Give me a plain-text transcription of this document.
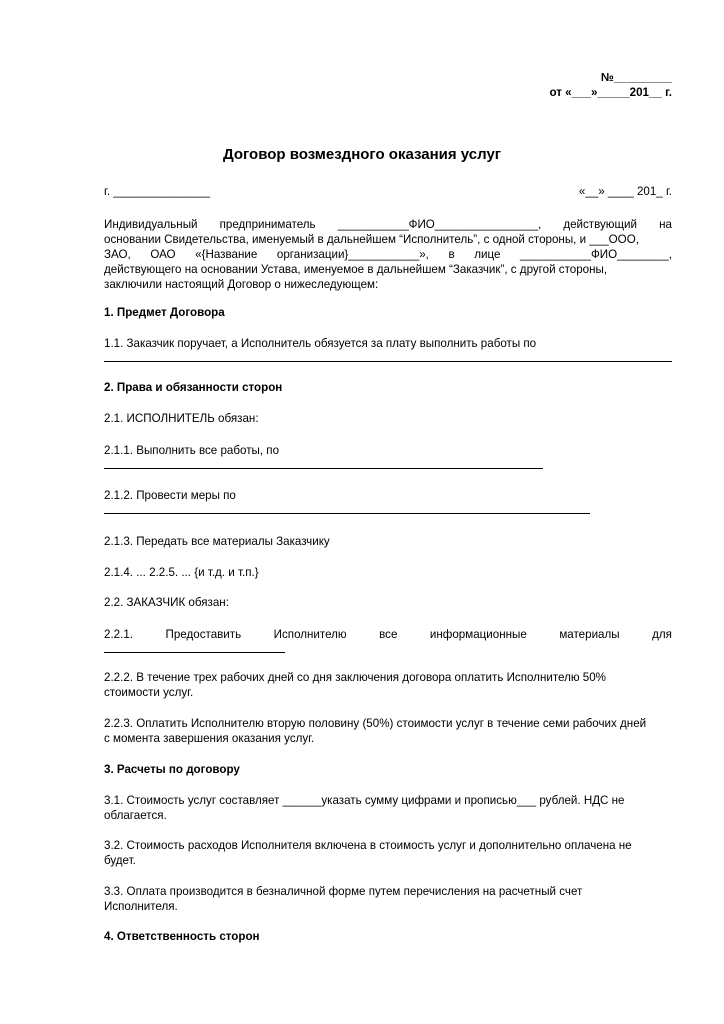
№_________
от «___»_____201__ г.
Договор возмездного оказания услуг
г. _______________	«__» ____ 201_ г.
Индивидуальный предприниматель ___________ФИО________________, действующий на
основании Свидетельства, именуемый в дальнейшем “Исполнитель”, с одной стороны, и ___ООО,
ЗАО, ОАО «{Название организации}___________», в лице ___________ФИО________,
действующего на основании Устава, именуемое в дальнейшем “Заказчик”, с другой стороны,
заключили настоящий Договор о нижеследующем:
1. Предмет Договора
1.1. Заказчик поручает, а Исполнитель обязуется за плату выполнить работы по
2. Права и обязанности сторон
2.1. ИСПОЛНИТЕЛЬ обязан:
2.1.1. Выполнить все работы, по
2.1.2. Провести меры по
2.1.3. Передать все материалы Заказчику
2.1.4. ... 2.2.5. ... {и т.д. и т.п.}
2.2. ЗАКАЗЧИК обязан:
2.2.1.	Предоставить	Исполнителю	все	информационные	материалы	для
2.2.2. В течение трех рабочих дней со дня заключения договора оплатить Исполнителю 50%
стоимости услуг.
2.2.3. Оплатить Исполнителю вторую половину (50%) стоимости услуг в течение семи рабочих дней
с момента завершения оказания услуг.
3. Расчеты по договору
3.1. Стоимость услуг составляет ______указать сумму цифрами и прописью___ рублей. НДС не
облагается.
3.2. Стоимость расходов Исполнителя включена в стоимость услуг и дополнительно оплачена не
будет.
3.3. Оплата производится в безналичной форме путем перечисления на расчетный счет
Исполнителя.
4. Ответственность сторон
